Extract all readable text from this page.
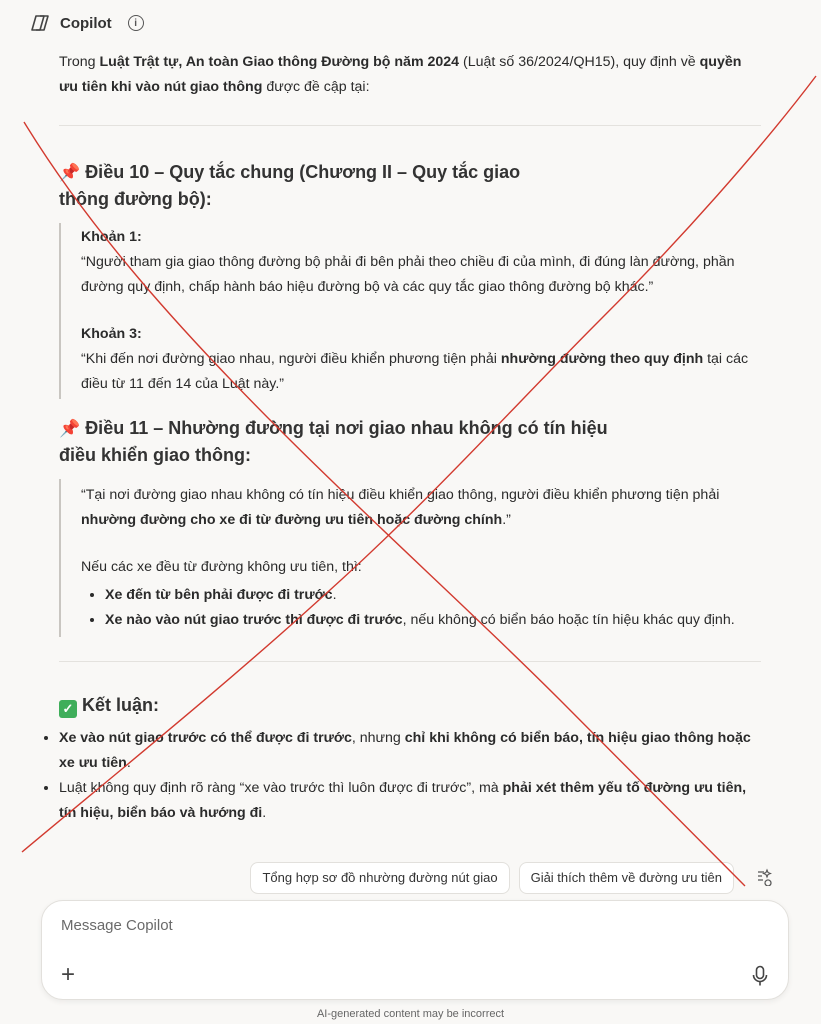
Copilot	i

Trong Luật Trật tự, An toàn Giao thông Đường bộ năm 2024 (Luật số 36/2024/QH15), quy định về quyền ưu tiên khi vào nút giao thông được đề cập tại:

📌 Điều 10 – Quy tắc chung (Chương II – Quy tắc giao thông đường bộ):
Khoản 1:
“Người tham gia giao thông đường bộ phải đi bên phải theo chiều đi của mình, đi đúng làn đường, phần đường quy định, chấp hành báo hiệu đường bộ và các quy tắc giao thông đường bộ khác.”
Khoản 3:
“Khi đến nơi đường giao nhau, người điều khiển phương tiện phải nhường đường theo quy định tại các điều từ 11 đến 14 của Luật này.”
📌 Điều 11 – Nhường đường tại nơi giao nhau không có tín hiệu điều khiển giao thông:
“Tại nơi đường giao nhau không có tín hiệu điều khiển giao thông, người điều khiển phương tiện phải nhường đường cho xe đi từ đường ưu tiên hoặc đường chính.”
Nếu các xe đều từ đường không ưu tiên, thì:
• Xe đến từ bên phải được đi trước.
• Xe nào vào nút giao trước thì được đi trước, nếu không có biển báo hoặc tín hiệu khác quy định.
✓ Kết luận:
• Xe vào nút giao trước có thể được đi trước, nhưng chỉ khi không có biển báo, tín hiệu giao thông hoặc xe ưu tiên.
• Luật không quy định rõ ràng “xe vào trước thì luôn được đi trước”, mà phải xét thêm yếu tố đường ưu tiên, tín hiệu, biển báo và hướng đi.
Tổng hợp sơ đồ nhường đường nút giao	Giải thích thêm về đường ưu tiên
Message Copilot
+
AI-generated content may be incorrect
